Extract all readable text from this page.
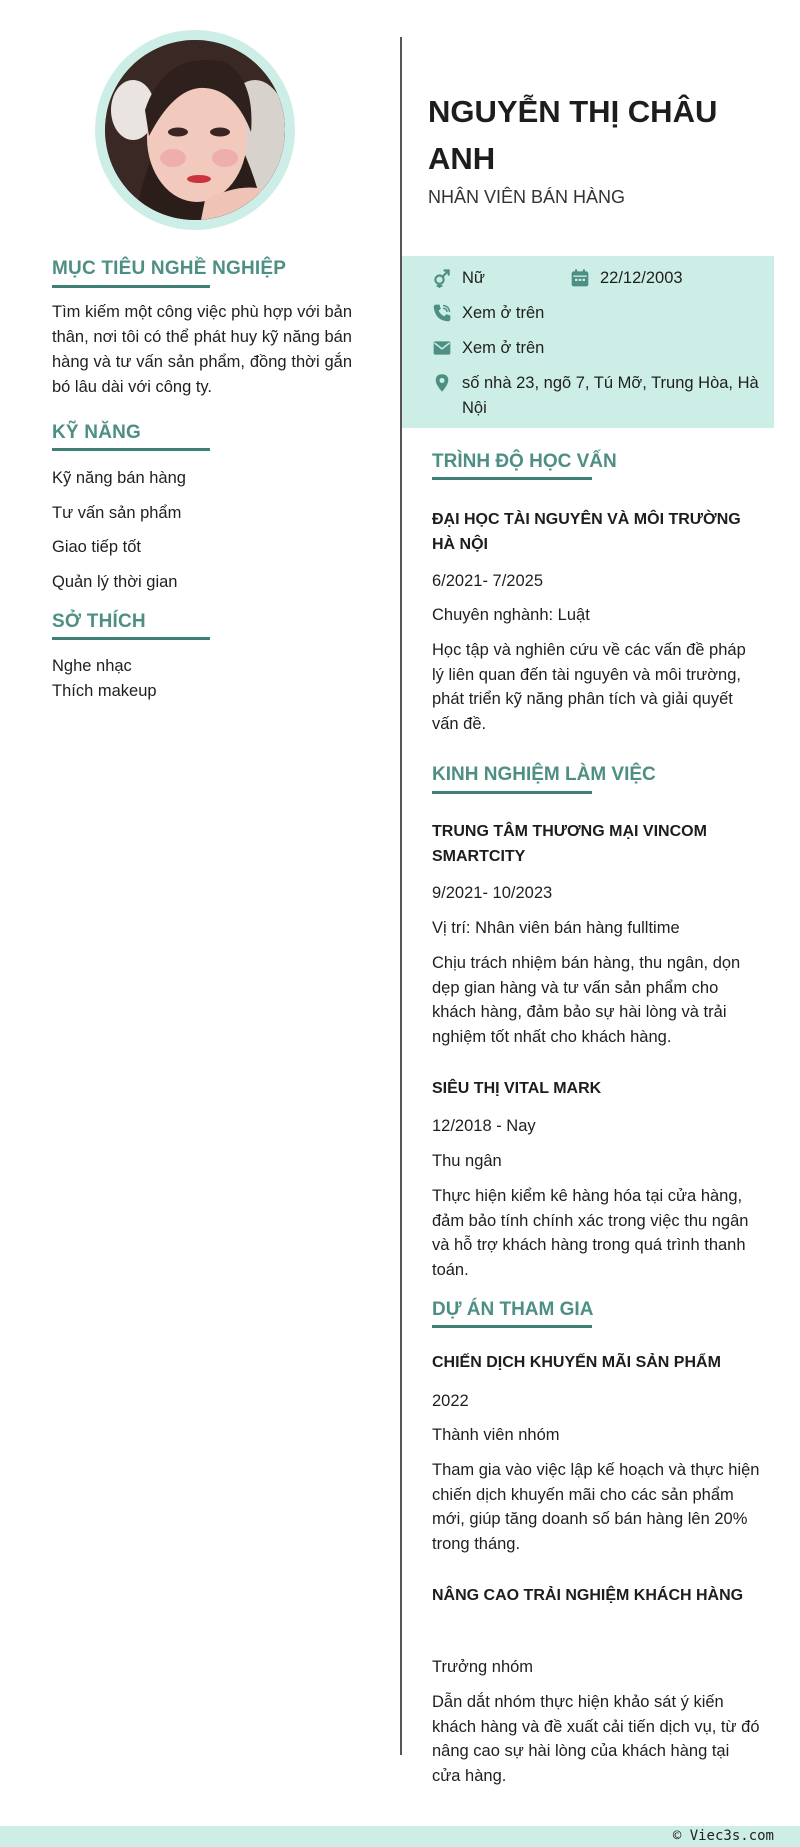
MỤC TIÊU NGHỀ NGHIỆP

Tìm kiếm một công việc phù hợp với bản thân, nơi tôi có thể phát huy kỹ năng bán hàng và tư vấn sản phẩm, đồng thời gắn bó lâu dài với công ty.

KỸ NĂNG
Kỹ năng bán hàng
Tư vấn sản phẩm
Giao tiếp tốt
Quản lý thời gian
SỞ THÍCH
Nghe nhạc
Thích makeup
NGUYỄN THỊ CHÂU ANH
NHÂN VIÊN BÁN HÀNG
Nữ	22/12/2003
Xem ở trên
Xem ở trên
số nhà 23, ngõ 7, Tú Mỡ, Trung Hòa, Hà Nội
TRÌNH ĐỘ HỌC VẤN
ĐẠI HỌC TÀI NGUYÊN VÀ MÔI TRƯỜNG HÀ NỘI
6/2021- 7/2025
Chuyên nghành: Luật

Học tập và nghiên cứu về các vấn đề pháp lý liên quan đến tài nguyên và môi trường, phát triển kỹ năng phân tích và giải quyết vấn đề.

KINH NGHIỆM LÀM VIỆC
TRUNG TÂM THƯƠNG MẠI VINCOM SMARTCITY
9/2021- 10/2023
Vị trí: Nhân viên bán hàng fulltime

Chịu trách nhiệm bán hàng, thu ngân, dọn dẹp gian hàng và tư vấn sản phẩm cho khách hàng, đảm bảo sự hài lòng và trải nghiệm tốt nhất cho khách hàng.

SIÊU THỊ VITAL MARK
12/2018 - Nay
Thu ngân

Thực hiện kiểm kê hàng hóa tại cửa hàng, đảm bảo tính chính xác trong việc thu ngân và hỗ trợ khách hàng trong quá trình thanh toán.

DỰ ÁN THAM GIA
CHIẾN DỊCH KHUYẾN MÃI SẢN PHẨM
2022
Thành viên nhóm

Tham gia vào việc lập kế hoạch và thực hiện chiến dịch khuyến mãi cho các sản phẩm mới, giúp tăng doanh số bán hàng lên 20% trong tháng.

NÂNG CAO TRẢI NGHIỆM KHÁCH HÀNG
Trưởng nhóm

Dẫn dắt nhóm thực hiện khảo sát ý kiến khách hàng và đề xuất cải tiến dịch vụ, từ đó nâng cao sự hài lòng của khách hàng tại cửa hàng.

© Viec3s.com
